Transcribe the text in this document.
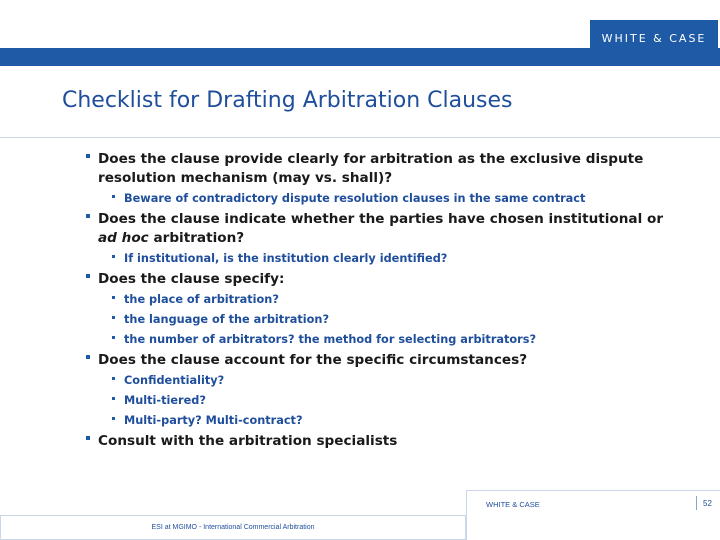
WHITE & CASE
Checklist for Drafting Arbitration Clauses
Does the clause provide clearly for arbitration as the exclusive dispute resolution mechanism (may vs. shall)?
Beware of contradictory dispute resolution clauses in the same contract
Does the clause indicate whether the parties have chosen institutional or ad hoc arbitration?
If institutional, is the institution clearly identified?
Does the clause specify:
the place of arbitration?
the language of the arbitration?
the number of arbitrators? the method for selecting arbitrators?
Does the clause account for the specific circumstances?
Confidentiality?
Multi-tiered?
Multi-party? Multi-contract?
Consult with the arbitration specialists
ESI at MGIMO - International Commercial Arbitration
WHITE & CASE	52
